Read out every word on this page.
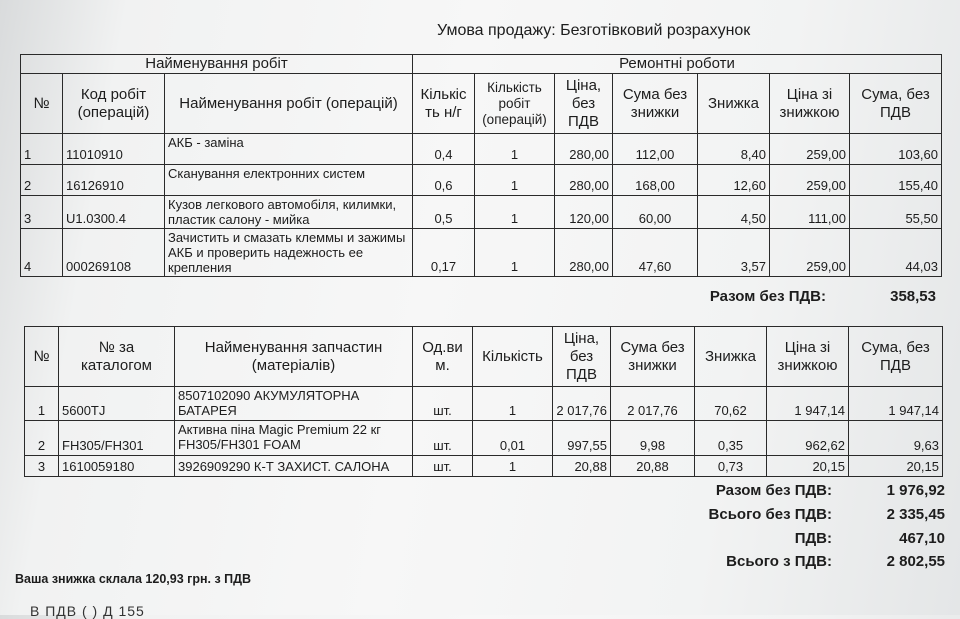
Умова продажу: Безготівковий розрахунок
Найменування робіт			Ремонтні роботи						
№	Код робіт (операцій)	Найменування робіт (операцій)	Кількіс ть н/г	Кількість робіт (операцій)	Ціна, без ПДВ	Сума без знижки	Знижка	Ціна зі знижкою	Сума, без ПДВ
1	11010910	АКБ - заміна	0,4	1	280,00	112,00	8,40	259,00	103,60
2	16126910	Сканування електронних систем	0,6	1	280,00	168,00	12,60	259,00	155,40
3	U1.0300.4	Кузов легкового автомобіля, килимки, пластик салону - мийка	0,5	1	120,00	60,00	4,50	111,00	55,50
4	000269108	Зачистить и смазать клеммы и зажимы АКБ и проверить надежность ее крепления	0,17	1	280,00	47,60	3,57	259,00	44,03
Разом без ПДВ:	358,53
№	№ за каталогом	Найменування запчастин (матеріалів)	Од.ви м.	Кількість	Ціна, без ПДВ	Сума без знижки	Знижка	Ціна зі знижкою	Сума, без ПДВ
1	5600TJ	8507102090 АКУМУЛЯТОРНА БАТАРЕЯ	шт.	1	2 017,76	2 017,76	70,62	1 947,14	1 947,14
2	FH305/FH301	Активна піна Magic Premium 22 кг FH305/FH301 FOAM	шт.	0,01	997,55	9,98	0,35	962,62	9,63
3	1610059180	3926909290 К-Т ЗАХИСТ. САЛОНА	шт.	1	20,88	20,88	0,73	20,15	20,15
Разом без ПДВ:	1 976,92
Всього без ПДВ:	2 335,45
ПДВ:	467,10
Всього з ПДВ:	2 802,55
Ваша знижка склала 120,93 грн. з ПДВ
В ПДВ ( ) Д 155
